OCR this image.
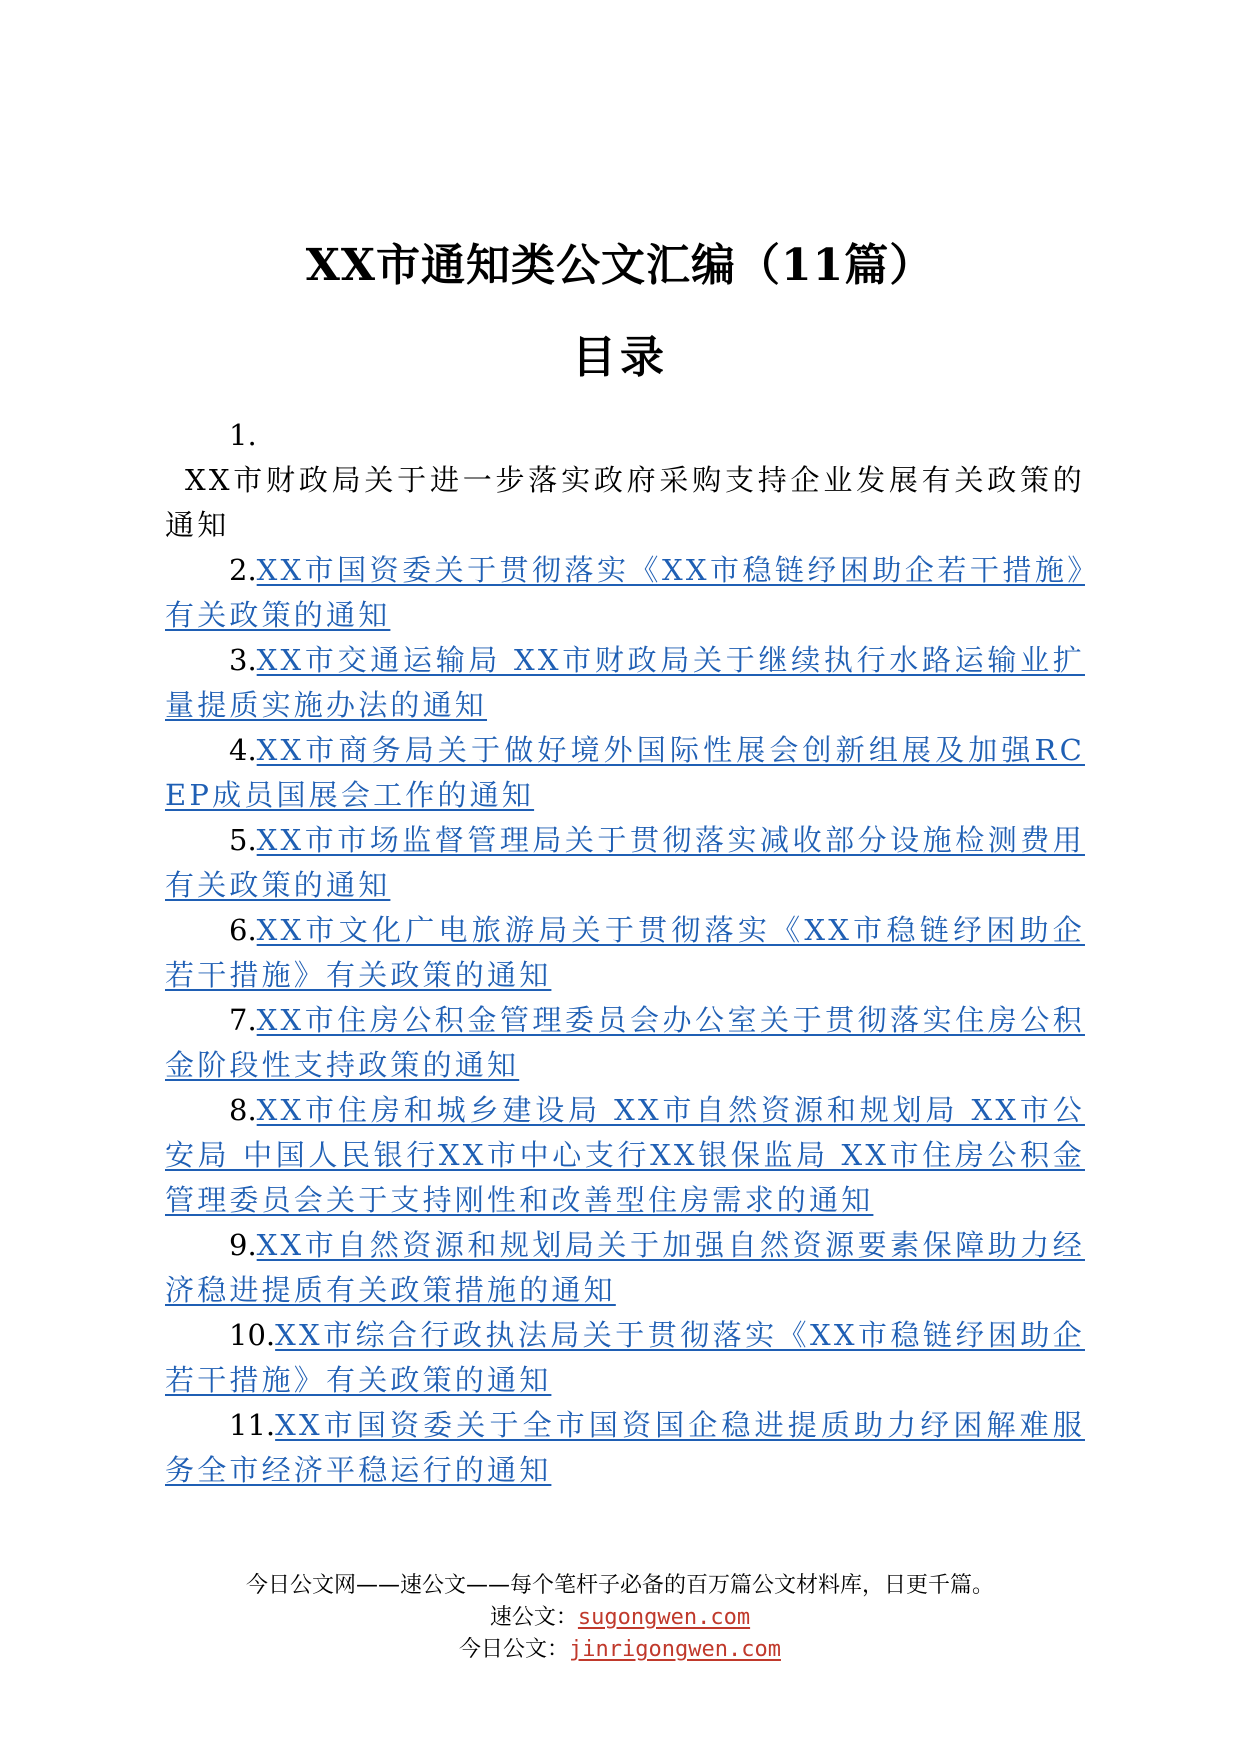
XX市通知类公文汇编（11篇）
目录
1.
XX市财政局关于进一步落实政府采购支持企业发展有关政策的通知
2.XX市国资委关于贯彻落实《XX市稳链纾困助企若干措施》有关政策的通知
3.XX市交通运输局 XX市财政局关于继续执行水路运输业扩量提质实施办法的通知
4.XX市商务局关于做好境外国际性展会创新组展及加强RCEP成员国展会工作的通知
5.XX市市场监督管理局关于贯彻落实减收部分设施检测费用有关政策的通知
6.XX市文化广电旅游局关于贯彻落实《XX市稳链纾困助企若干措施》有关政策的通知
7.XX市住房公积金管理委员会办公室关于贯彻落实住房公积金阶段性支持政策的通知
8.XX市住房和城乡建设局 XX市自然资源和规划局 XX市公安局 中国人民银行XX市中心支行XX银保监局 XX市住房公积金管理委员会关于支持刚性和改善型住房需求的通知
9.XX市自然资源和规划局关于加强自然资源要素保障助力经济稳进提质有关政策措施的通知
10.XX市综合行政执法局关于贯彻落实《XX市稳链纾困助企若干措施》有关政策的通知
11.XX市国资委关于全市国资国企稳进提质助力纾困解难服务全市经济平稳运行的通知
今日公文网——速公文——每个笔杆子必备的百万篇公文材料库，日更千篇。
速公文：sugongwen.com
今日公文：jinrigongwen.com
